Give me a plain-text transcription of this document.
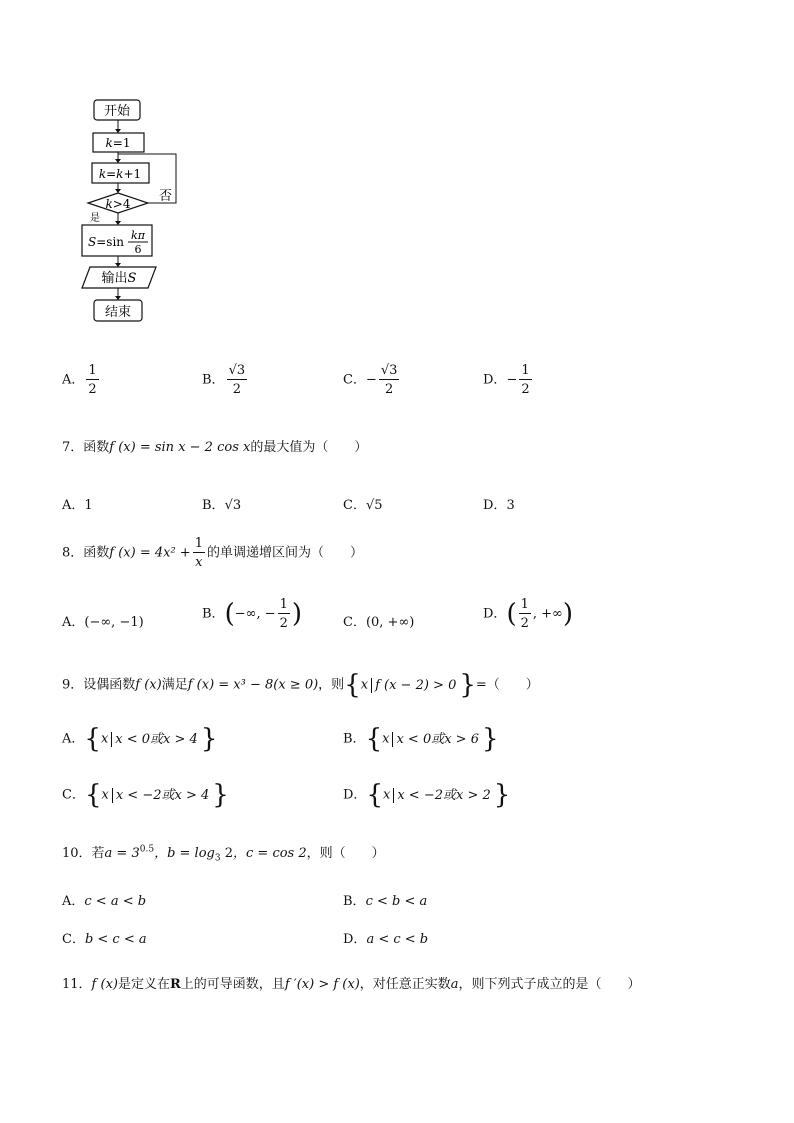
开始
k=1
k=k+1
否
k>4
是
S=sin kπ
6
输出S
结束
A． $\frac{1}{2}$	B． $\frac{√3}{2}$	C．− $\frac{√3}{2}$	D．− $\frac{1}{2}$
7．函数f (x) = sin x − 2 cos x的最大值为（　　）
A．1	B．√3	C．√5	D．3
8．函数f $(x) = 4x^2 + \frac{1}{x}$ 的单调递增区间为（　　）
A．(−∞, −1)
B．(−∞, − $\frac{1}{2}$ )	C．(0, +∞)
D．( $\frac{1}{2}$ , +∞)
9．设偶函数f (x)满足f (x) = x³ − 8(x ≥ 0)，则{x f (x − 2) > 0 }=（　　）
A．{x x < 0或x > 4 }	B．{x x < 0或x > 6 }
C．{x x < −2或x > 4 }	D．{x x < −2或x > 2 }
10．若$a = 3^{0.5}$，$b = \log_3 2$，c = cos 2，则（　　）
A．c < a < b	B．c < b < a
C．b < c < a	D．a < c < b
11．f (x)是定义在R上的可导函数，且f ′(x) > f (x)，对任意正实数a，则下列式子成立的是（　　）
